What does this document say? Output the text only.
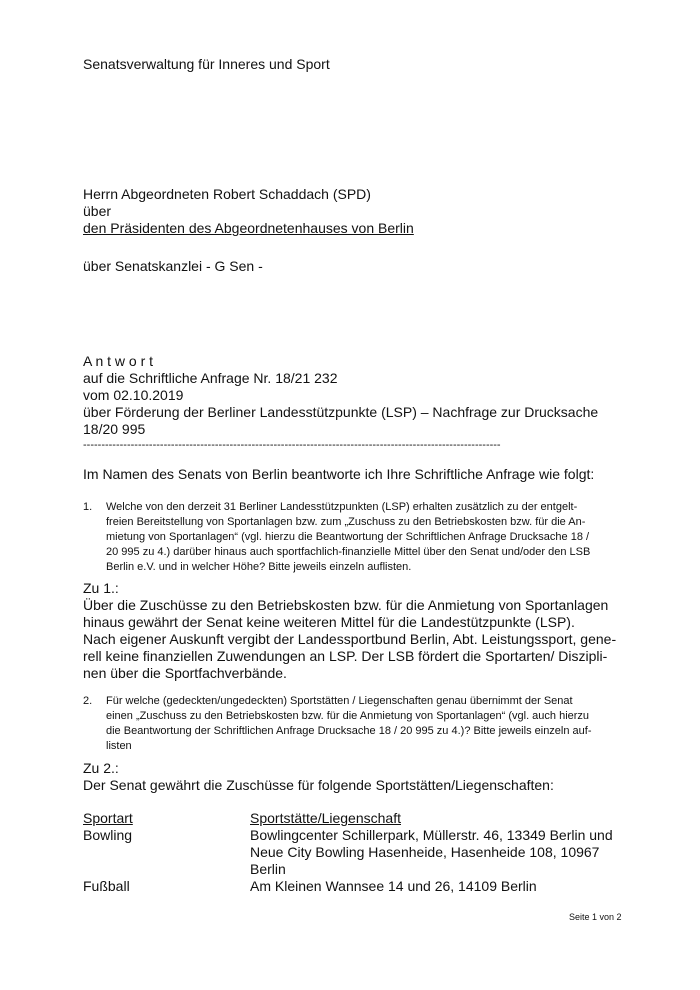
Senatsverwaltung für Inneres und Sport
Herrn Abgeordneten Robert Schaddach (SPD)
über
den Präsidenten des Abgeordnetenhauses von Berlin
über Senatskanzlei - G Sen -
A n t w o r t
auf die Schriftliche Anfrage Nr. 18/21 232
vom 02.10.2019
über Förderung der Berliner Landesstützpunkte (LSP) – Nachfrage zur Drucksache
18/20 995
------------------------------------------------------------------------------------------------------------------
Im Namen des Senats von Berlin beantworte ich Ihre Schriftliche Anfrage wie folgt:
1. Welche von den derzeit 31 Berliner Landesstützpunkten (LSP) erhalten zusätzlich zu der entgelt-
freien Bereitstellung von Sportanlagen bzw. zum „Zuschuss zu den Betriebskosten bzw. für die An-
mietung von Sportanlagen“ (vgl. hierzu die Beantwortung der Schriftlichen Anfrage Drucksache 18 /
20 995 zu 4.) darüber hinaus auch sportfachlich-finanzielle Mittel über den Senat und/oder den LSB
Berlin e.V. und in welcher Höhe? Bitte jeweils einzeln auflisten.
Zu 1.:
Über die Zuschüsse zu den Betriebskosten bzw. für die Anmietung von Sportanlagen
hinaus gewährt der Senat keine weiteren Mittel für die Landestützpunkte (LSP).
Nach eigener Auskunft vergibt der Landessportbund Berlin, Abt. Leistungssport, gene-
rell keine finanziellen Zuwendungen an LSP. Der LSB fördert die Sportarten/ Diszipli-
nen über die Sportfachverbände.
2. Für welche (gedeckten/ungedeckten) Sportstätten / Liegenschaften genau übernimmt der Senat
einen „Zuschuss zu den Betriebskosten bzw. für die Anmietung von Sportanlagen“ (vgl. auch hierzu
die Beantwortung der Schriftlichen Anfrage Drucksache 18 / 20 995 zu 4.)? Bitte jeweils einzeln auf-
listen
Zu 2.:
Der Senat gewährt die Zuschüsse für folgende Sportstätten/Liegenschaften:
Sportart	Sportstätte/Liegenschaft
Bowling	Bowlingcenter Schillerpark, Müllerstr. 46, 13349 Berlin und
Neue City Bowling Hasenheide, Hasenheide 108, 10967
Berlin
Fußball	Am Kleinen Wannsee 14 und 26, 14109 Berlin
Seite 1 von 2
